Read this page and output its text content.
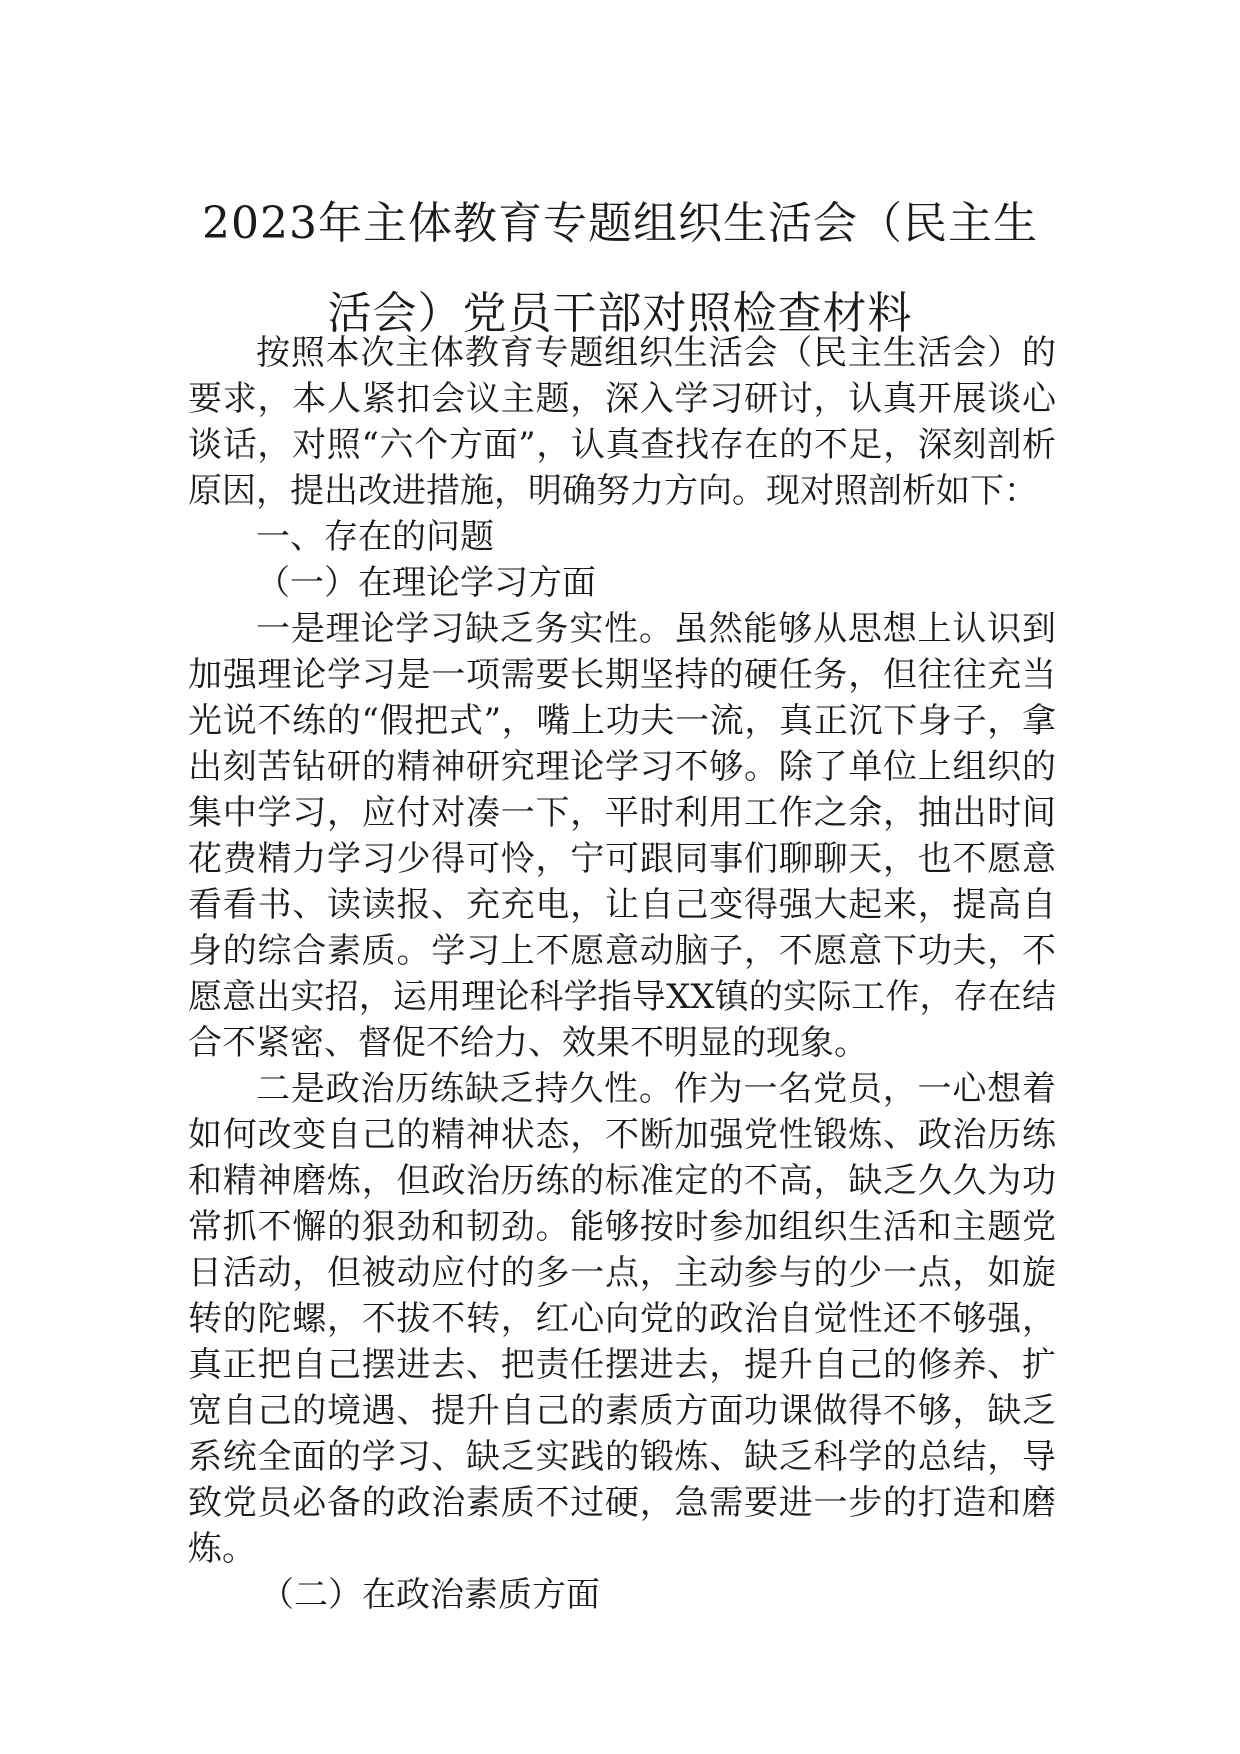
2023年主体教育专题组织生活会（民主生
活会）党员干部对照检查材料

按照本次主体教育专题组织生活会（民主生活会）的要求，本人紧扣会议主题，深入学习研讨，认真开展谈心谈话，对照“六个方面”，认真查找存在的不足，深刻剖析原因，提出改进措施，明确努力方向。现对照剖析如下：

一、存在的问题

（一）在理论学习方面

一是理论学习缺乏务实性。虽然能够从思想上认识到加强理论学习是一项需要长期坚持的硬任务，但往往充当光说不练的“假把式”，嘴上功夫一流，真正沉下身子，拿出刻苦钻研的精神研究理论学习不够。除了单位上组织的集中学习，应付对凑一下，平时利用工作之余，抽出时间花费精力学习少得可怜，宁可跟同事们聊聊天，也不愿意看看书、读读报、充充电，让自己变得强大起来，提高自身的综合素质。学习上不愿意动脑子，不愿意下功夫，不愿意出实招，运用理论科学指导XX镇的实际工作，存在结合不紧密、督促不给力、效果不明显的现象。

二是政治历练缺乏持久性。作为一名党员，一心想着如何改变自己的精神状态，不断加强党性锻炼、政治历练和精神磨炼，但政治历练的标准定的不高，缺乏久久为功常抓不懈的狠劲和韧劲。能够按时参加组织生活和主题党日活动，但被动应付的多一点，主动参与的少一点，如旋转的陀螺，不拔不转，红心向党的政治自觉性还不够强，真正把自己摆进去、把责任摆进去，提升自己的修养、扩宽自己的境遇、提升自己的素质方面功课做得不够，缺乏系统全面的学习、缺乏实践的锻炼、缺乏科学的总结，导致党员必备的政治素质不过硬，急需要进一步的打造和磨炼。

（二）在政治素质方面
